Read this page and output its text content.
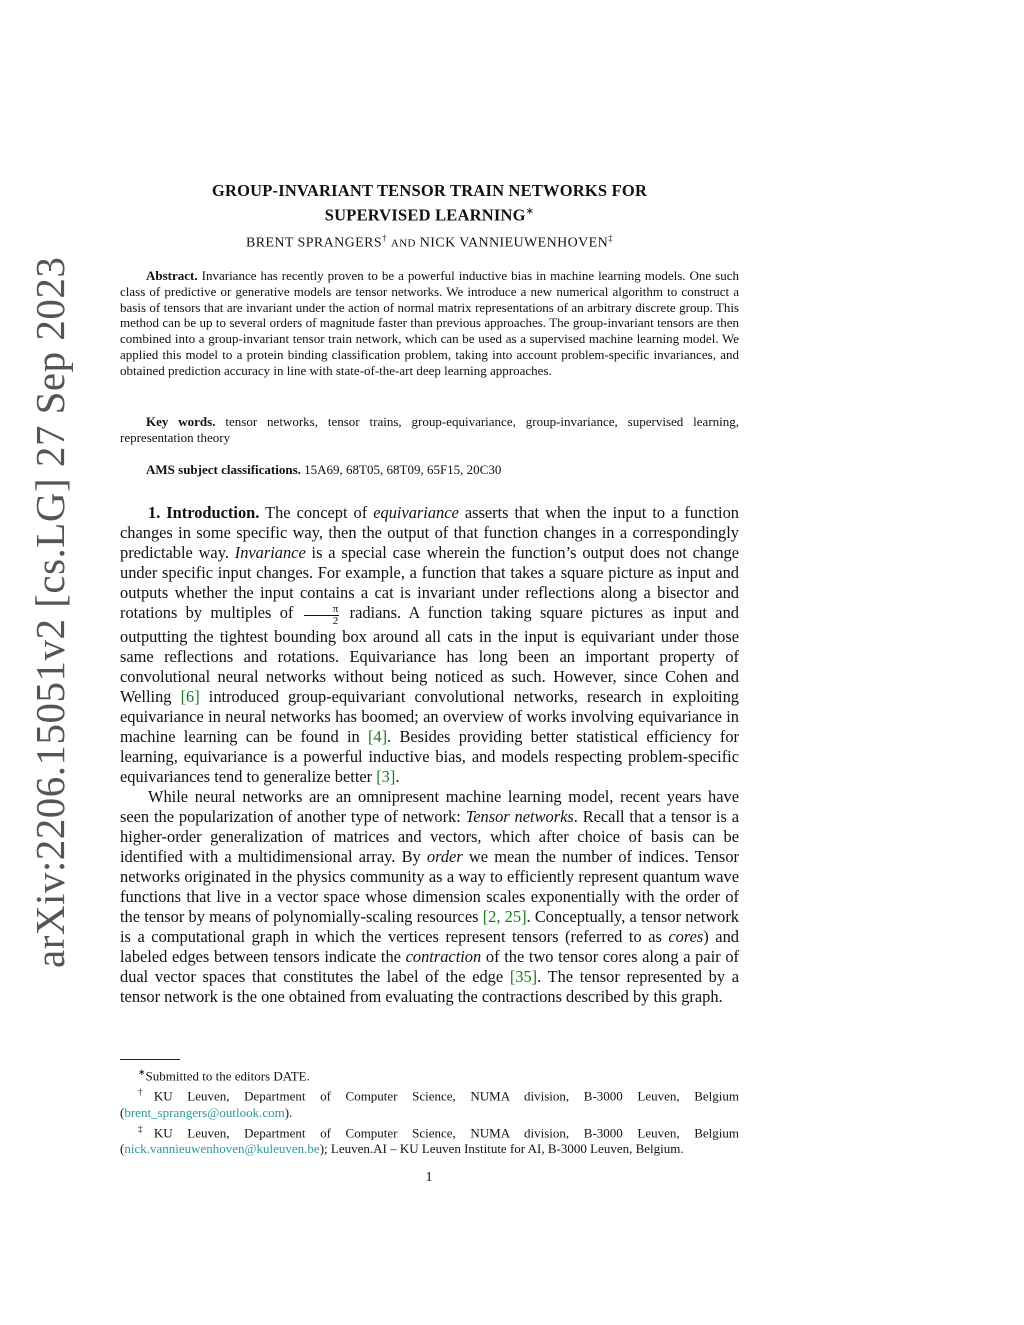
arXiv:2206.15051v2 [cs.LG] 27 Sep 2023
GROUP-INVARIANT TENSOR TRAIN NETWORKS FOR
SUPERVISED LEARNING∗
BRENT SPRANGERS† AND NICK VANNIEUWENHOVEN‡
Abstract. Invariance has recently proven to be a powerful inductive bias in machine learning models. One such class of predictive or generative models are tensor networks. We introduce a new numerical algorithm to construct a basis of tensors that are invariant under the action of normal matrix representations of an arbitrary discrete group. This method can be up to several orders of magnitude faster than previous approaches. The group-invariant tensors are then combined into a group-invariant tensor train network, which can be used as a supervised machine learning model. We applied this model to a protein binding classification problem, taking into account problem-specific invariances, and obtained prediction accuracy in line with state-of-the-art deep learning approaches.
Key words. tensor networks, tensor trains, group-equivariance, group-invariance, supervised learning, representation theory
AMS subject classifications. 15A69, 68T05, 68T09, 65F15, 20C30

1. Introduction. The concept of equivariance asserts that when the input to a function changes in some specific way, then the output of that function changes in a correspondingly predictable way. Invariance is a special case wherein the function’s output does not change under specific input changes. For example, a function that takes a square picture as input and outputs whether the input contains a cat is invariant under reflections along a bisector and rotations by multiples of $\frac{\pi}{2}$ radians. A function taking square pictures as input and outputting the tightest bounding box around all cats in the input is equivariant under those same reflections and rotations. Equivariance has long been an important property of convolutional neural networks without being noticed as such. However, since Cohen and Welling [6] introduced group-equivariant convolutional networks, research in exploiting equivariance in neural networks has boomed; an overview of works involving equivariance in machine learning can be found in [4]. Besides providing better statistical efficiency for learning, equivariance is a powerful inductive bias, and models respecting problem-specific equivariances tend to generalize better [3].

While neural networks are an omnipresent machine learning model, recent years have seen the popularization of another type of network: Tensor networks. Recall that a tensor is a higher-order generalization of matrices and vectors, which after choice of basis can be identified with a multidimensional array. By order we mean the number of indices. Tensor networks originated in the physics community as a way to efficiently represent quantum wave functions that live in a vector space whose dimension scales exponentially with the order of the tensor by means of polynomially-scaling resources [2, 25]. Conceptually, a tensor network is a computational graph in which the vertices represent tensors (referred to as cores) and labeled edges between tensors indicate the contraction of the two tensor cores along a pair of dual vector spaces that constitutes the label of the edge [35]. The tensor represented by a tensor network is the one obtained from evaluating the contractions described by this graph.

∗Submitted to the editors DATE.

†KU Leuven, Department of Computer Science, NUMA division, B-3000 Leuven, Belgium (brent_sprangers@outlook.com).

‡KU Leuven, Department of Computer Science, NUMA division, B-3000 Leuven, Belgium (nick.vannieuwenhoven@kuleuven.be); Leuven.AI – KU Leuven Institute for AI, B-3000 Leuven, Belgium.

1
